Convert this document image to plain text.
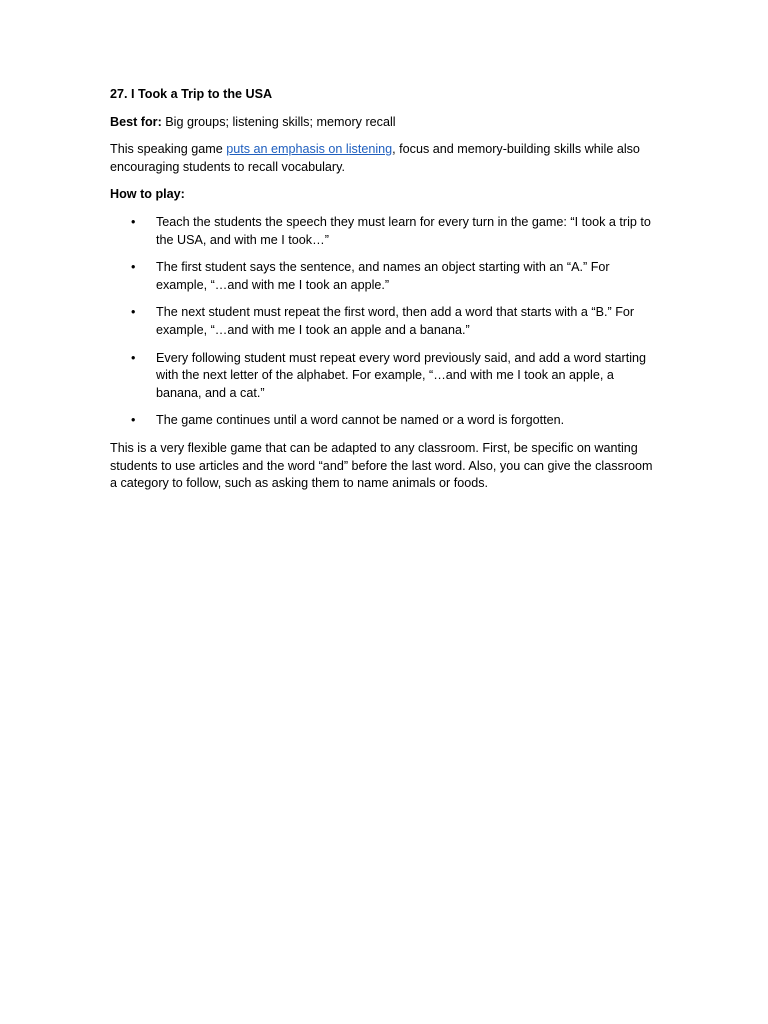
27. I Took a Trip to the USA
Best for: Big groups; listening skills; memory recall
This speaking game puts an emphasis on listening, focus and memory-building skills while also encouraging students to recall vocabulary.
How to play:
• Teach the students the speech they must learn for every turn in the game: “I took a trip to the USA, and with me I took…”
• The first student says the sentence, and names an object starting with an “A.” For example, “…and with me I took an apple.”
• The next student must repeat the first word, then add a word that starts with a “B.” For example, “…and with me I took an apple and a banana.”
• Every following student must repeat every word previously said, and add a word starting with the next letter of the alphabet. For example, “…and with me I took an apple, a banana, and a cat.”
• The game continues until a word cannot be named or a word is forgotten.
This is a very flexible game that can be adapted to any classroom. First, be specific on wanting students to use articles and the word “and” before the last word. Also, you can give the classroom a category to follow, such as asking them to name animals or foods.
